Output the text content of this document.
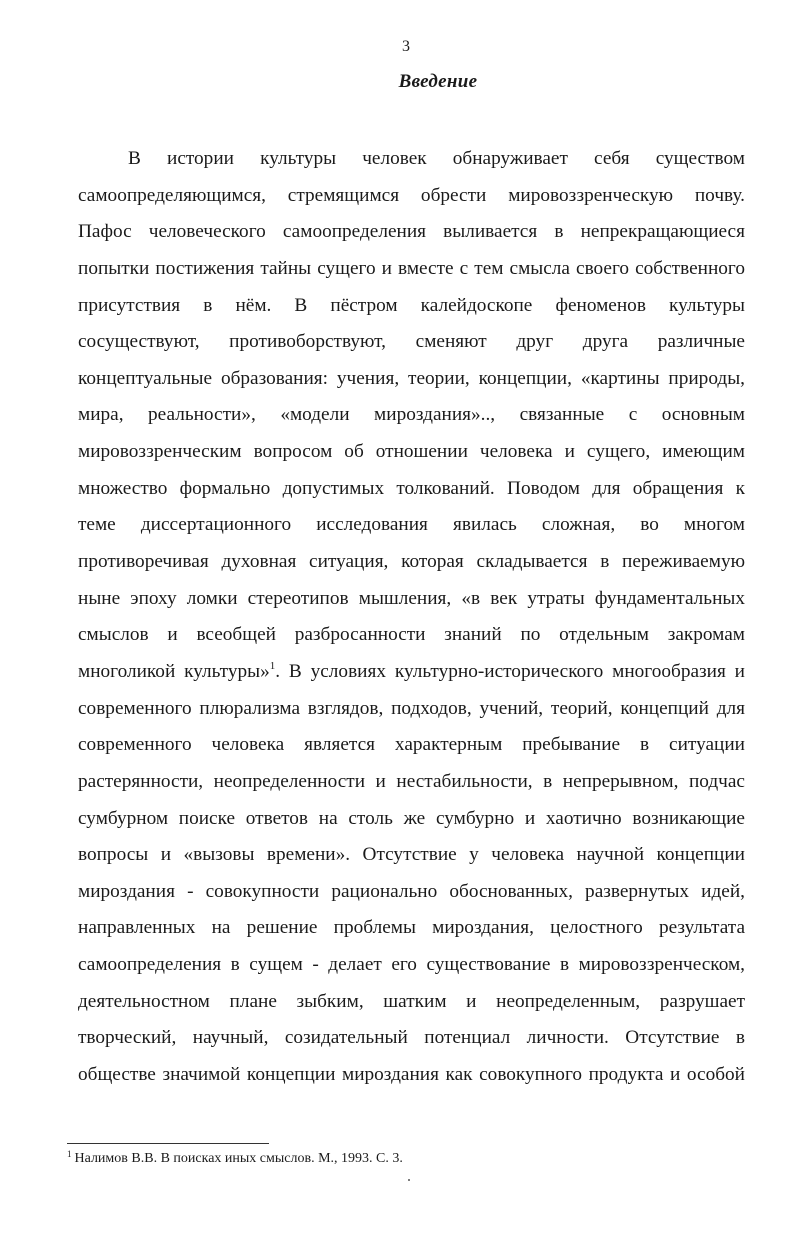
3
Введение
В истории культуры человек обнаруживает себя существом
самоопределяющимся, стремящимся обрести мировоззренческую почву.
Пафос человеческого самоопределения выливается в непрекращающиеся
попытки постижения тайны сущего и вместе с тем смысла своего собственного
присутствия в нём. В пёстром калейдоскопе феноменов культуры
сосуществуют, противоборствуют, сменяют друг друга различные
концептуальные образования: учения, теории, концепции, «картины природы,
мира, реальности», «модели мироздания».., связанные с основным
мировоззренческим вопросом об отношении человека и сущего, имеющим
множество формально допустимых толкований. Поводом для обращения к
теме диссертационного исследования явилась сложная, во многом
противоречивая духовная ситуация, которая складывается в переживаемую
ныне эпоху ломки стереотипов мышления, «в век утраты фундаментальных
смыслов и всеобщей разбросанности знаний по отдельным закромам
многоликой культуры»$^1$. В условиях культурно-исторического многообразия и
современного плюрализма взглядов, подходов, учений, теорий, концепций для
современного человека является характерным пребывание в ситуации
растерянности, неопределенности и нестабильности, в непрерывном, подчас
сумбурном поиске ответов на столь же сумбурно и хаотично возникающие
вопросы и «вызовы времени». Отсутствие у человека научной концепции
мироздания - совокупности рационально обоснованных, развернутых идей,
направленных на решение проблемы мироздания, целостного результата
самоопределения в сущем - делает его существование в мировоззренческом,
деятельностном плане зыбким, шатким и неопределенным, разрушает
творческий, научный, созидательный потенциал личности. Отсутствие в
обществе значимой концепции мироздания как совокупного продукта и особой
$^1$ Налимов В.В. В поисках иных смыслов. М., 1993. С. 3.
